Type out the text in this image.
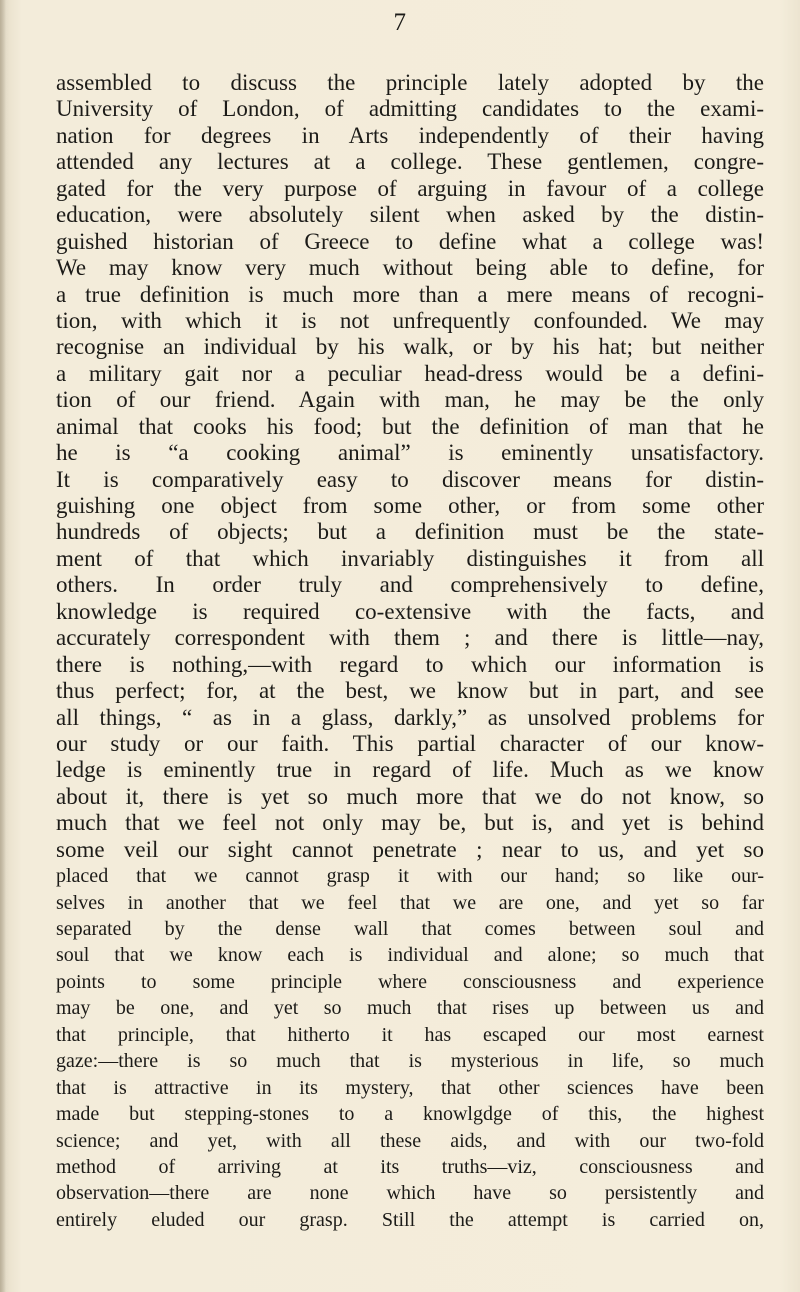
7
assembled to discuss the principle lately adopted by the
University of London, of admitting candidates to the exami-
nation for degrees in Arts independently of their having
attended any lectures at a college. These gentlemen, congre-
gated for the very purpose of arguing in favour of a college
education, were absolutely silent when asked by the distin-
guished historian of Greece to define what a college was!
We may know very much without being able to define, for
a true definition is much more than a mere means of recogni-
tion, with which it is not unfrequently confounded. We may
recognise an individual by his walk, or by his hat; but neither
a military gait nor a peculiar head-dress would be a defini-
tion of our friend. Again with man, he may be the only
animal that cooks his food; but the definition of man that he
he is “a cooking animal” is eminently unsatisfactory.
It is comparatively easy to discover means for distin-
guishing one object from some other, or from some other
hundreds of objects; but a definition must be the state-
ment of that which invariably distinguishes it from all
others. In order truly and comprehensively to define,
knowledge is required co-extensive with the facts, and
accurately correspondent with them ; and there is little—nay,
there is nothing,—with regard to which our information is
thus perfect; for, at the best, we know but in part, and see
all things, “ as in a glass, darkly,” as unsolved problems for
our study or our faith. This partial character of our know-
ledge is eminently true in regard of life. Much as we know
about it, there is yet so much more that we do not know, so
much that we feel not only may be, but is, and yet is behind
some veil our sight cannot penetrate ; near to us, and yet so
placed that we cannot grasp it with our hand; so like our-
selves in another that we feel that we are one, and yet so far
separated by the dense wall that comes between soul and
soul that we know each is individual and alone; so much that
points to some principle where consciousness and experience
may be one, and yet so much that rises up between us and
that principle, that hitherto it has escaped our most earnest
gaze:—there is so much that is mysterious in life, so much
that is attractive in its mystery, that other sciences have been
made but stepping-stones to a knowlgdge of this, the highest
science; and yet, with all these aids, and with our two-fold
method of arriving at its truths—viz, consciousness and
observation—there are none which have so persistently and
entirely eluded our grasp. Still the attempt is carried on,
